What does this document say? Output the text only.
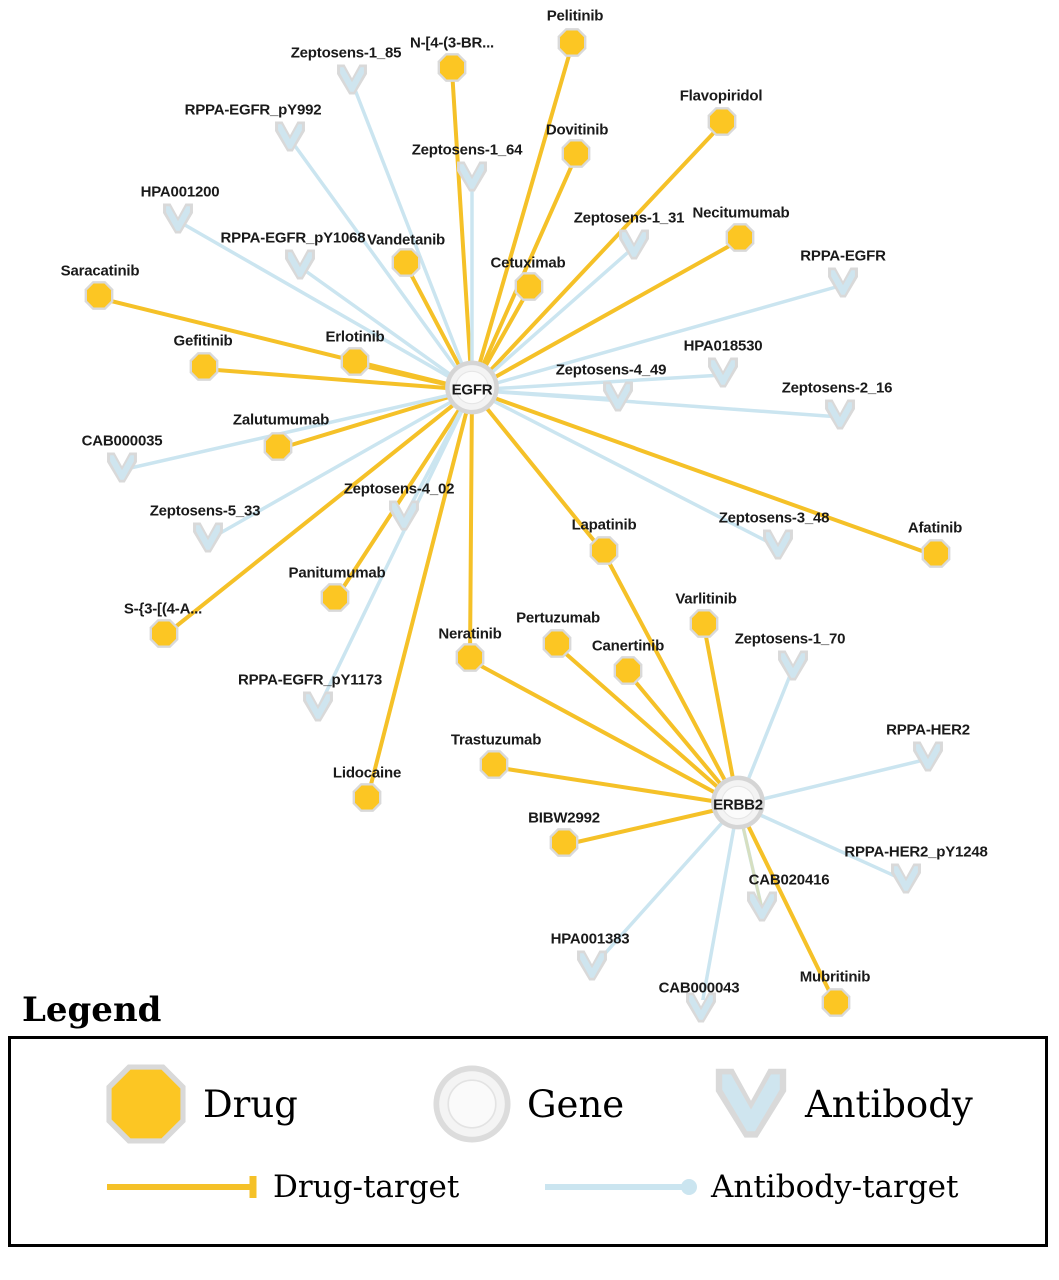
Pelitinib
N-[4-(3-BR...
Flavopiridol
Dovitinib
Necitumumab
Vandetanib
Cetuximab
Saracatinib
Gefitinib	Erlotinib
Zalutumumab
Afatinib
Lapatinib
Varlitinib
Panitumumab
S-{3-[(4-A...
Pertuzumab
Neratinib
Canertinib
Trastuzumab
Lidocaine
BIBW2992
Mubritinib
Zeptosens-1_85
RPPA-EGFR_pY992
Zeptosens-1_64
HPA001200
Zeptosens-1_31
RPPA-EGFR_pY1068
RPPA-EGFR
HPA018530
Zeptosens-4_49
Zeptosens-2_16
CAB000035
Zeptosens-5_33
Zeptosens-4_02
Zeptosens-3_48
Zeptosens-1_70
RPPA-EGFR_pY1173
RPPA-HER2
RPPA-HER2_pY1248
CAB020416
HPA001383
CAB000043
EGFR
ERBB2
Legend
Drug	Gene	Antibody
Drug-target	Antibody-target
